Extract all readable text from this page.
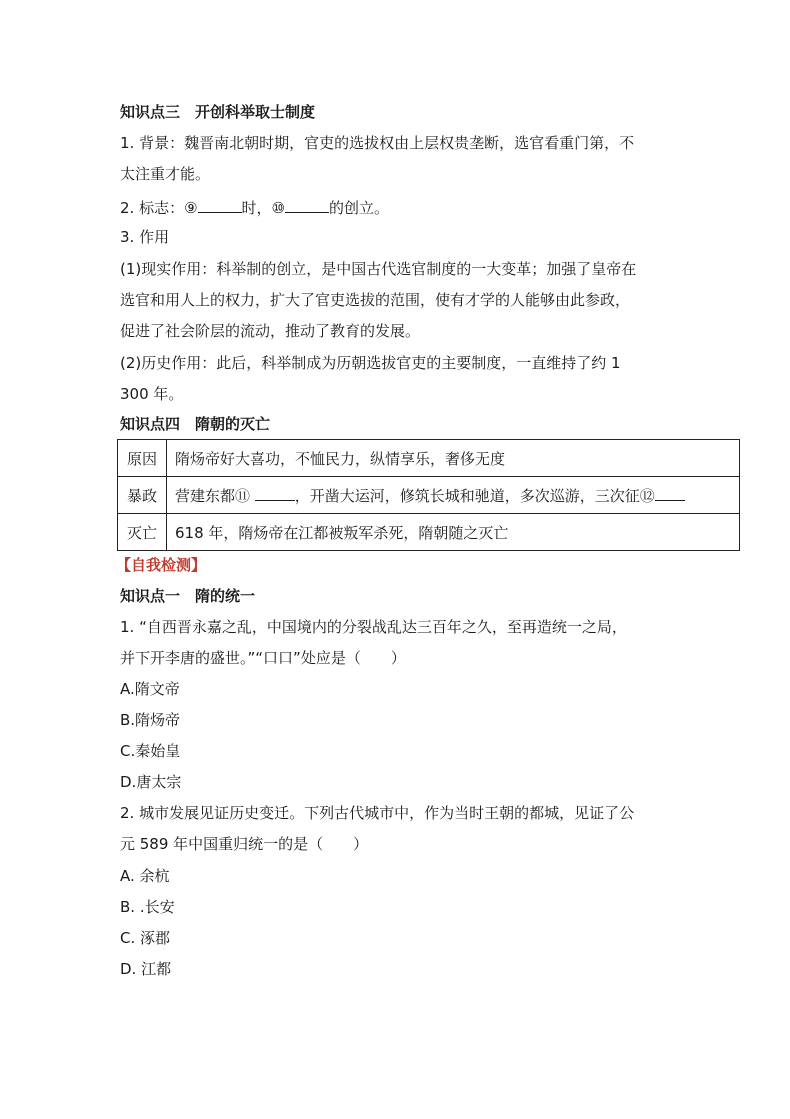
知识点三　开创科举取士制度
1. 背景：魏晋南北朝时期，官吏的选拔权由上层权贵垄断，选官看重门第，不
太注重才能。
2. 标志：⑨	时，⑩	的创立。
3. 作用
(1)现实作用：科举制的创立，是中国古代选官制度的一大变革；加强了皇帝在
选官和用人上的权力，扩大了官吏选拔的范围，使有才学的人能够由此参政，
促进了社会阶层的流动，推动了教育的发展。
(2)历史作用：此后，科举制成为历朝选拔官吏的主要制度，一直维持了约 1
300 年。
知识点四　隋朝的灭亡
原因	隋炀帝好大喜功，不恤民力，纵情享乐，奢侈无度
暴政	营建东都⑪ ，开凿大运河，修筑长城和驰道，多次巡游，三次征⑫
灭亡	618 年，隋炀帝在江都被叛军杀死，隋朝随之灭亡
【自我检测】
知识点一　隋的统一
1. “自西晋永嘉之乱，中国境内的分裂战乱达三百年之久，至再造统一之局，
并下开李唐的盛世。”“口口”处应是（　　）
A.隋文帝
B.隋炀帝
C.秦始皇
D.唐太宗
2. 城市发展见证历史变迁。下列古代城市中，作为当时王朝的都城，见证了公
元 589 年中国重归统一的是（　　）
A. 余杭
B. .长安
C. 涿郡
D. 江都
